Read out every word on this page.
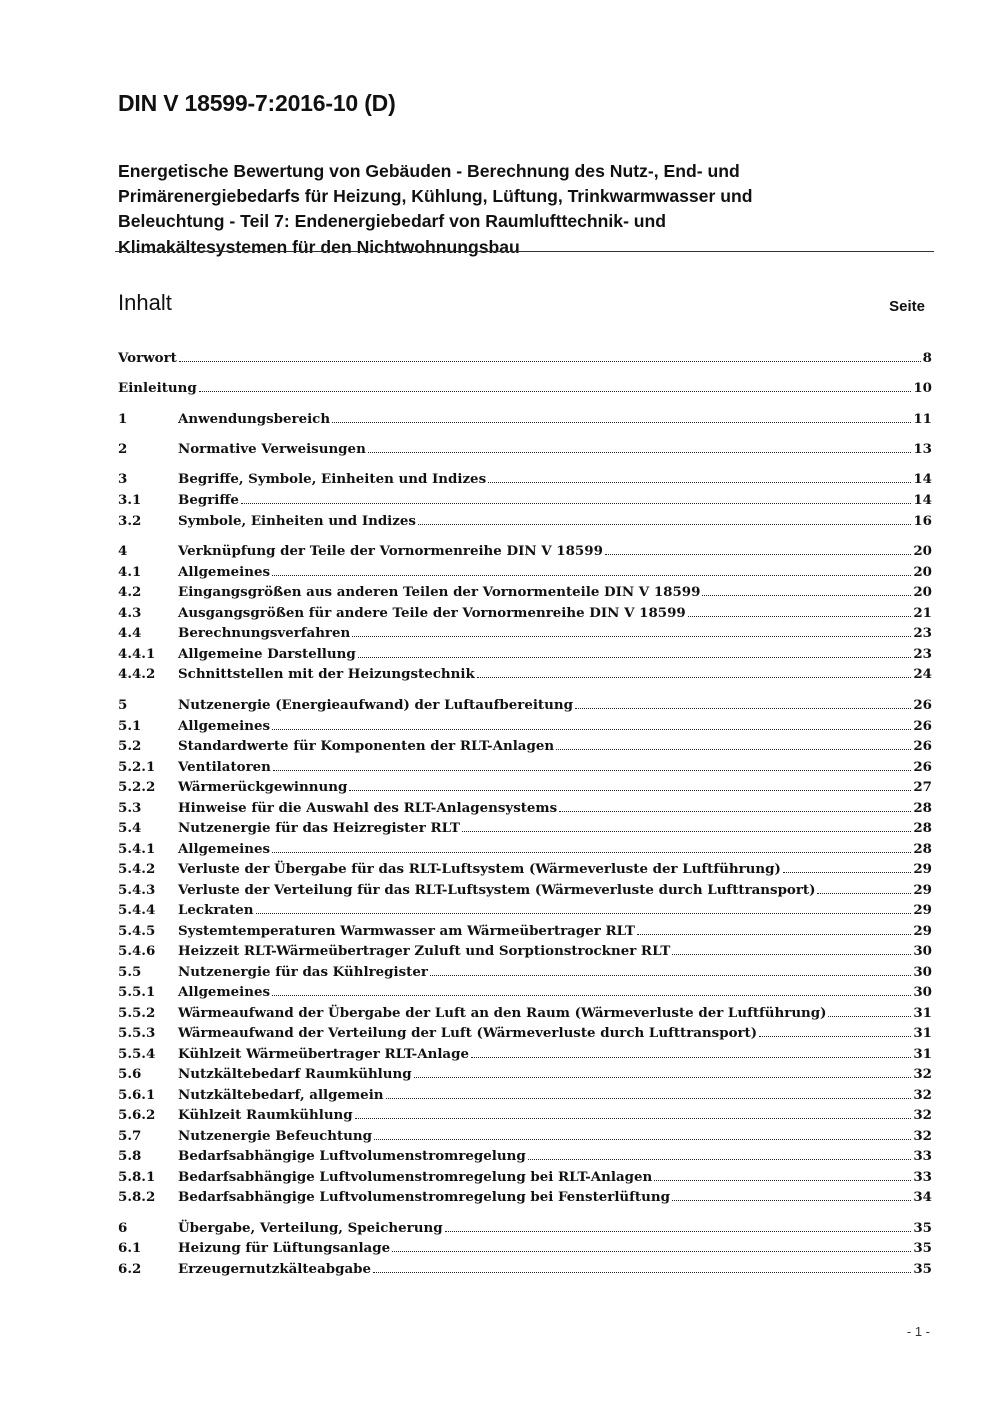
DIN V 18599-7:2016-10 (D)
Energetische Bewertung von Gebäuden - Berechnung des Nutz-, End- und
Primärenergiebedarfs für Heizung, Kühlung, Lüftung, Trinkwarmwasser und
Beleuchtung - Teil 7: Endenergiebedarf von Raumlufttechnik- und
Klimakältesystemen für den Nichtwohnungsbau
Inhalt	Seite
Vorwort	8
Einleitung	10
1	Anwendungsbereich	11
2	Normative Verweisungen	13
3	Begriffe, Symbole, Einheiten und Indizes	14
3.1	Begriffe	14
3.2	Symbole, Einheiten und Indizes	16
4	Verknüpfung der Teile der Vornormenreihe DIN V 18599	20
4.1	Allgemeines	20
4.2	Eingangsgrößen aus anderen Teilen der Vornormenteile DIN V 18599	20
4.3	Ausgangsgrößen für andere Teile der Vornormenreihe DIN V 18599	21
4.4	Berechnungsverfahren	23
4.4.1	Allgemeine Darstellung	23
4.4.2	Schnittstellen mit der Heizungstechnik	24
5	Nutzenergie (Energieaufwand) der Luftaufbereitung	26
5.1	Allgemeines	26
5.2	Standardwerte für Komponenten der RLT-Anlagen	26
5.2.1	Ventilatoren	26
5.2.2	Wärmerückgewinnung	27
5.3	Hinweise für die Auswahl des RLT-Anlagensystems	28
5.4	Nutzenergie für das Heizregister RLT	28
5.4.1	Allgemeines	28
5.4.2	Verluste der Übergabe für das RLT-Luftsystem (Wärmeverluste der Luftführung)	29
5.4.3	Verluste der Verteilung für das RLT-Luftsystem (Wärmeverluste durch Lufttransport)	29
5.4.4	Leckraten	29
5.4.5	Systemtemperaturen Warmwasser am Wärmeübertrager RLT	29
5.4.6	Heizzeit RLT-Wärmeübertrager Zuluft und Sorptionstrockner RLT	30
5.5	Nutzenergie für das Kühlregister	30
5.5.1	Allgemeines	30
5.5.2	Wärmeaufwand der Übergabe der Luft an den Raum (Wärmeverluste der Luftführung)	31
5.5.3	Wärmeaufwand der Verteilung der Luft (Wärmeverluste durch Lufttransport)	31
5.5.4	Kühlzeit Wärmeübertrager RLT-Anlage	31
5.6	Nutzkältebedarf Raumkühlung	32
5.6.1	Nutzkältebedarf, allgemein	32
5.6.2	Kühlzeit Raumkühlung	32
5.7	Nutzenergie Befeuchtung	32
5.8	Bedarfsabhängige Luftvolumenstromregelung	33
5.8.1	Bedarfsabhängige Luftvolumenstromregelung bei RLT-Anlagen	33
5.8.2	Bedarfsabhängige Luftvolumenstromregelung bei Fensterlüftung	34
6	Übergabe, Verteilung, Speicherung	35
6.1	Heizung für Lüftungsanlage	35
6.2	Erzeugernutzkälteabgabe	35
- 1 -
